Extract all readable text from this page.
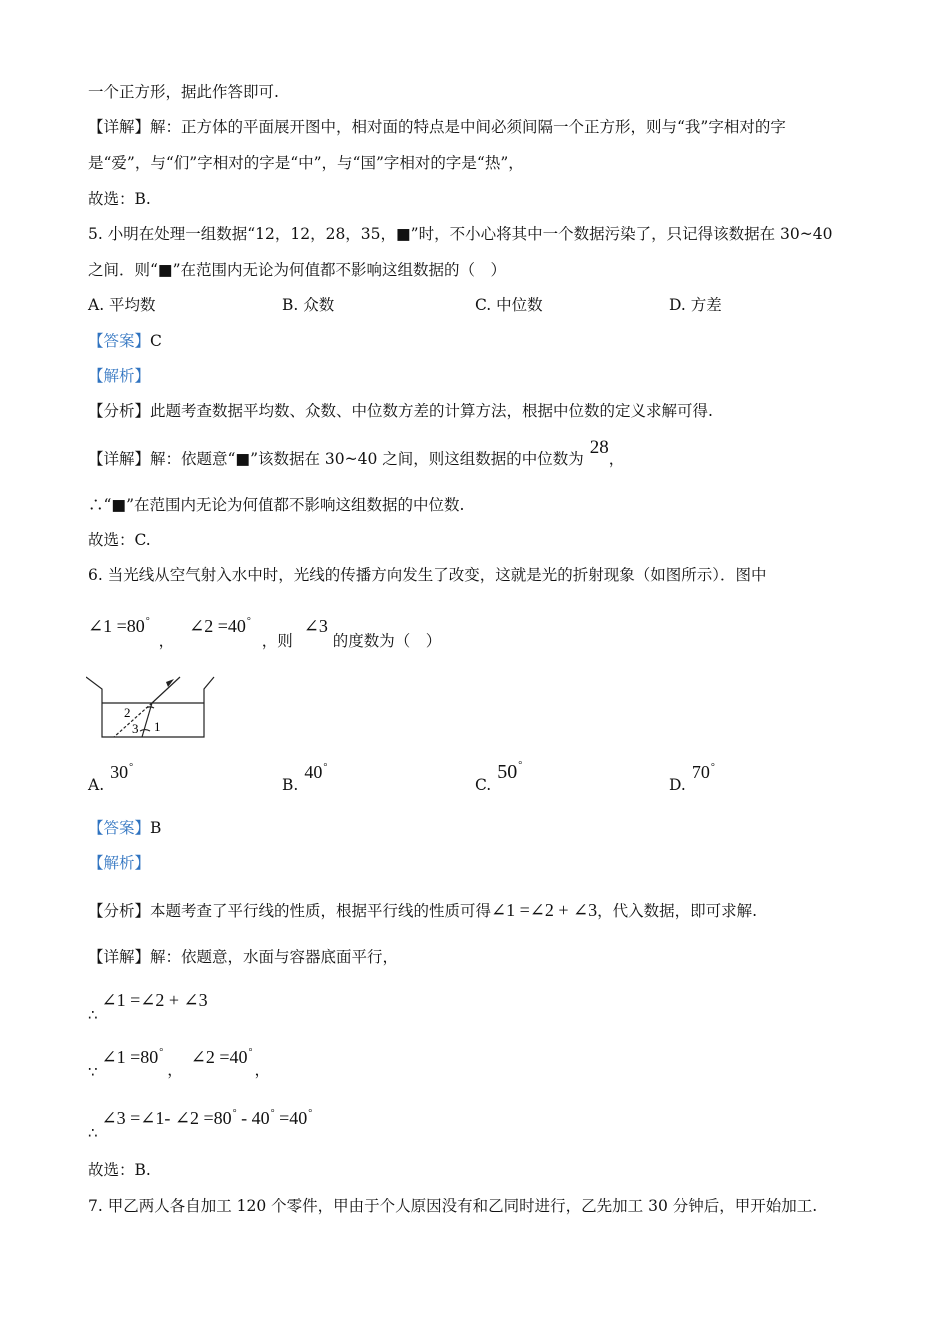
一个正方形，据此作答即可.
【详解】解：正方体的平面展开图中，相对面的特点是中间必须间隔一个正方形，则与“我”字相对的字
是“爱”，与“们”字相对的字是“中”，与“国”字相对的字是“热”，
故选：B.
5. 小明在处理一组数据“12，12，28，35，■”时，不小心将其中一个数据污染了，只记得该数据在 30~40
之间．则“■”在范围内无论为何值都不影响这组数据的（　）
A. 平均数	B. 众数	C. 中位数	D. 方差
【答案】C
【解析】
【分析】此题考查数据平均数、众数、中位数方差的计算方法，根据中位数的定义求解可得.
【详解】解：依题意“■”该数据在 30~40 之间，则这组数据的中位数为28，
∴“■”在范围内无论为何值都不影响这组数据的中位数.
故选：C.
6. 当光线从空气射入水中时，光线的传播方向发生了改变，这就是光的折射现象（如图所示）．图中
∠1 =80° ， ∠2 =40° ，则 ∠3 的度数为（　）
2
3 1
A.30°
B.40°
C.50°
D.70°
【答案】B
【解析】
【分析】本题考查了平行线的性质，根据平行线的性质可得∠1 =∠2 + ∠3，代入数据，即可求解.
【详解】解：依题意，水面与容器底面平行，
∴∠1 =∠2 + ∠3
∵∠1 =80°，∠2 =40°，
∴∠3 =∠1- ∠2 =80° - 40° =40°
故选：B.
7. 甲乙两人各自加工 120 个零件，甲由于个人原因没有和乙同时进行，乙先加工 30 分钟后，甲开始加工.
